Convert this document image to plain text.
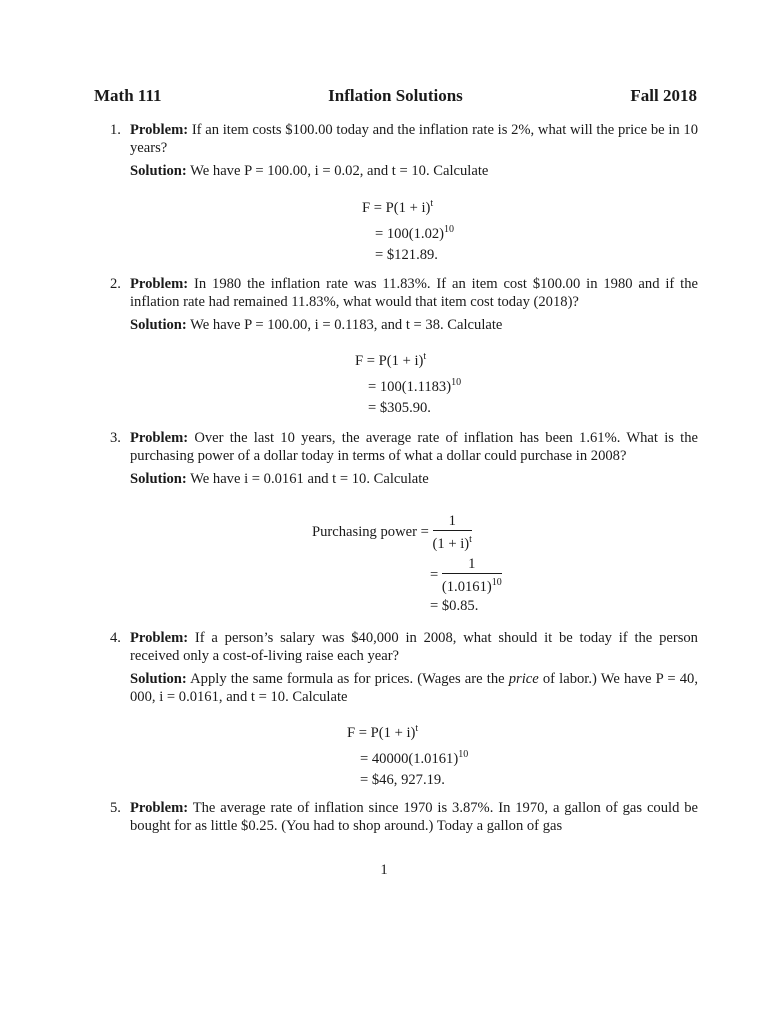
Math 111	Inflation Solutions	Fall 2018
1. Problem: If an item costs $100.00 today and the inflation rate is 2%, what will the price be in 10 years?
Solution: We have P = 100.00, i = 0.02, and t = 10. Calculate
$F = P(1 + i)^t$
= $100(1.02)^{10}$
= $121.89.
2. Problem: In 1980 the inflation rate was 11.83%. If an item cost $100.00 in 1980 and if the inflation rate had remained 11.83%, what would that item cost today (2018)?
Solution: We have P = 100.00, i = 0.1183, and t = 38. Calculate
$F = P(1 + i)^t$
= $100(1.1183)^{10}$
= $305.90.
3. Problem: Over the last 10 years, the average rate of inflation has been 1.61%. What is the purchasing power of a dollar today in terms of what a dollar could purchase in 2008?
Solution: We have i = 0.0161 and t = 10. Calculate
Purchasing power = $\frac{1}{(1 + i)^t}$
= $\frac{1}{(1.0161)^{10}}$
= $0.85.
4. Problem: If a person’s salary was $40,000 in 2008, what should it be today if the person received only a cost-of-living raise each year?
Solution: Apply the same formula as for prices. (Wages are the price of labor.) We have P = 40, 000, i = 0.0161, and t = 10. Calculate
$F = P(1 + i)^t$
= $40000(1.0161)^{10}$
= $46, 927.19.
5. Problem: The average rate of inflation since 1970 is 3.87%. In 1970, a gallon of gas could be bought for as little $0.25. (You had to shop around.) Today a gallon of gas
1
